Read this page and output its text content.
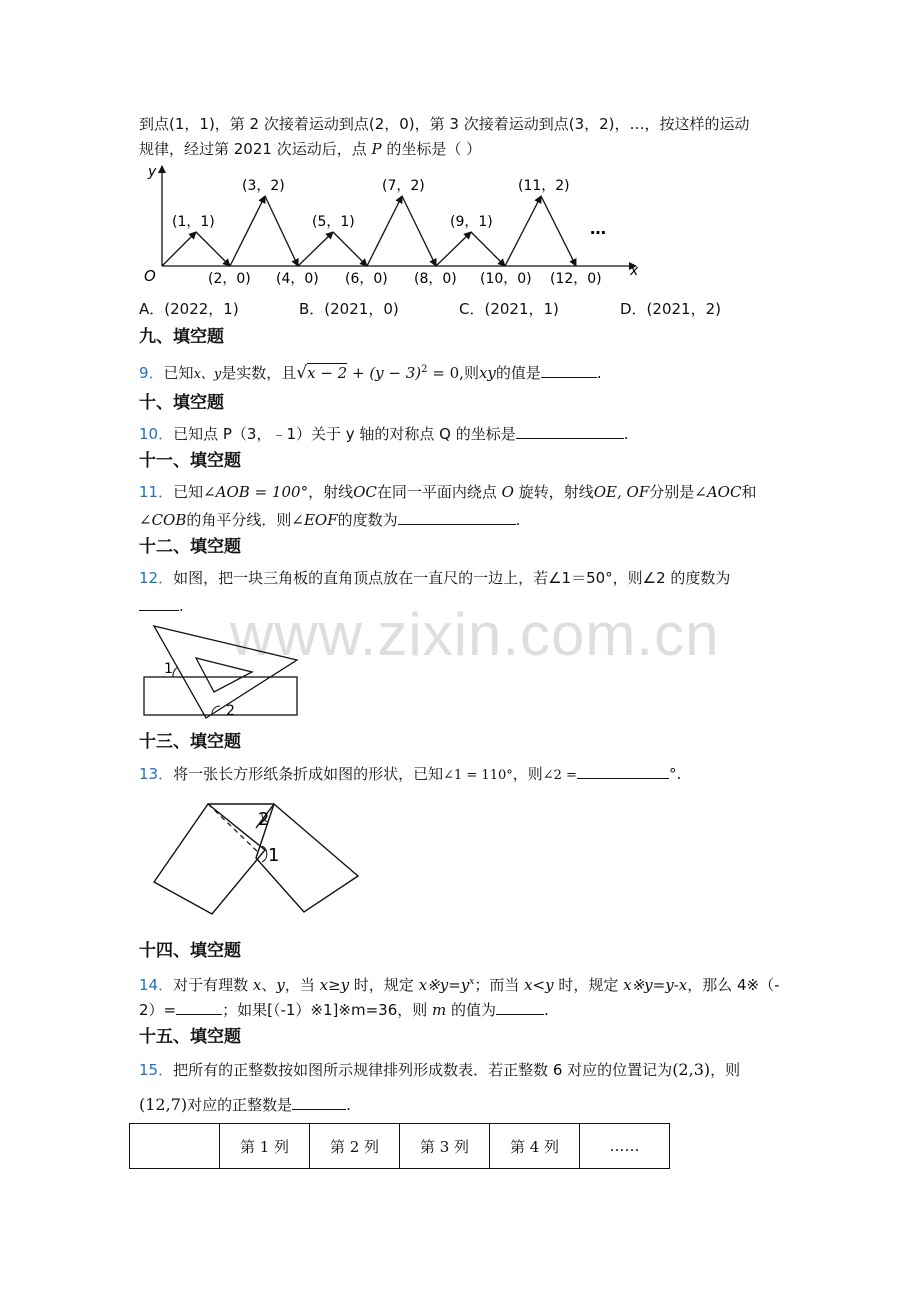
www.zixin.com.cn
到点(1，1)，第 2 次接着运动到点(2，0)，第 3 次接着运动到点(3，2)，…，按这样的运动
规律，经过第 2021 次运动后，点 P 的坐标是（ ）
y
x
O
(1，1)
(3，2)
(5，1)
(7，2)
(9，1)
(11，2)
(2，0) (4，0) (6，0) (8，0) (10，0) (12，0)
…
A．(2022，1)	B．(2021，0)	C．(2021，1)	D．(2021，2)
九、填空题
9．已知x、y是实数，且$√x - 2 + (y - 3)^2 = 0$,则xy的值是	.
十、填空题
10．已知点 P（3，﹣1）关于 y 轴的对称点 Q 的坐标是	.
十一、填空题
11．已知∠AOB = 100°，射线OC在同一平面内绕点 O 旋转，射线OE, OF分别是∠AOC和
∠COB的角平分线．则∠EOF的度数为	.
十二、填空题
12．如图，把一块三角板的直角顶点放在一直尺的一边上，若∠1＝50°，则∠2 的度数为
.
1
2
十三、填空题
13．将一张长方形纸条折成如图的形状，已知∠1 = 110°，则∠2 =	°.
2
1
十四、填空题
14．对于有理数 x、y，当 x≥y 时，规定 $x※y=y^x$；而当 x<y 时，规定 x※y=y-x，那么 4※（-
2）=	；如果[（-1）※1]※m=36，则 m 的值为	.
十五、填空题
15．把所有的正整数按如图所示规律排列形成数表．若正整数 6 对应的位置记为(2,3)，则
(12,7)对应的正整数是	.
	第 1 列	第 2 列	第 3 列	第 4 列	……
